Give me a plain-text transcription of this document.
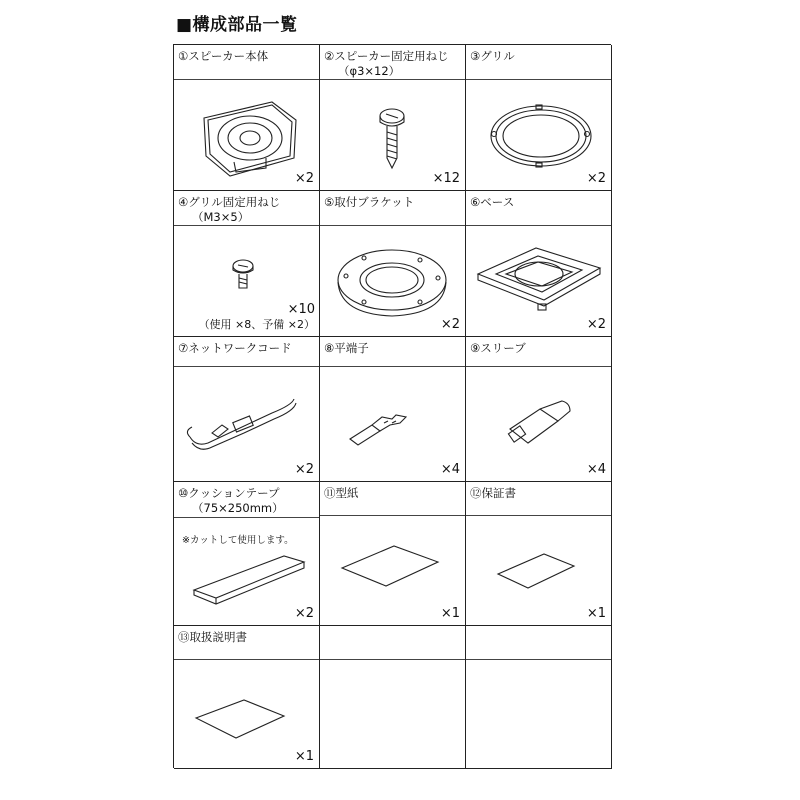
■構成部品一覧
①スピーカー本体
×2
②スピーカー固定用ねじ
（φ3×12）
×12
③グリル
×2
④グリル固定用ねじ
（M3×5）
×10
（使用 ×8、予備 ×2）
⑤取付ブラケット
×2
⑥ベース
×2
⑦ネットワークコード
×2
⑧平端子
×4
⑨スリーブ
×4
⑩クッションテープ
（75×250mm）
※カットして使用します。
×2
⑪型紙
×1
⑫保証書
×1
⑬取扱説明書
×1
